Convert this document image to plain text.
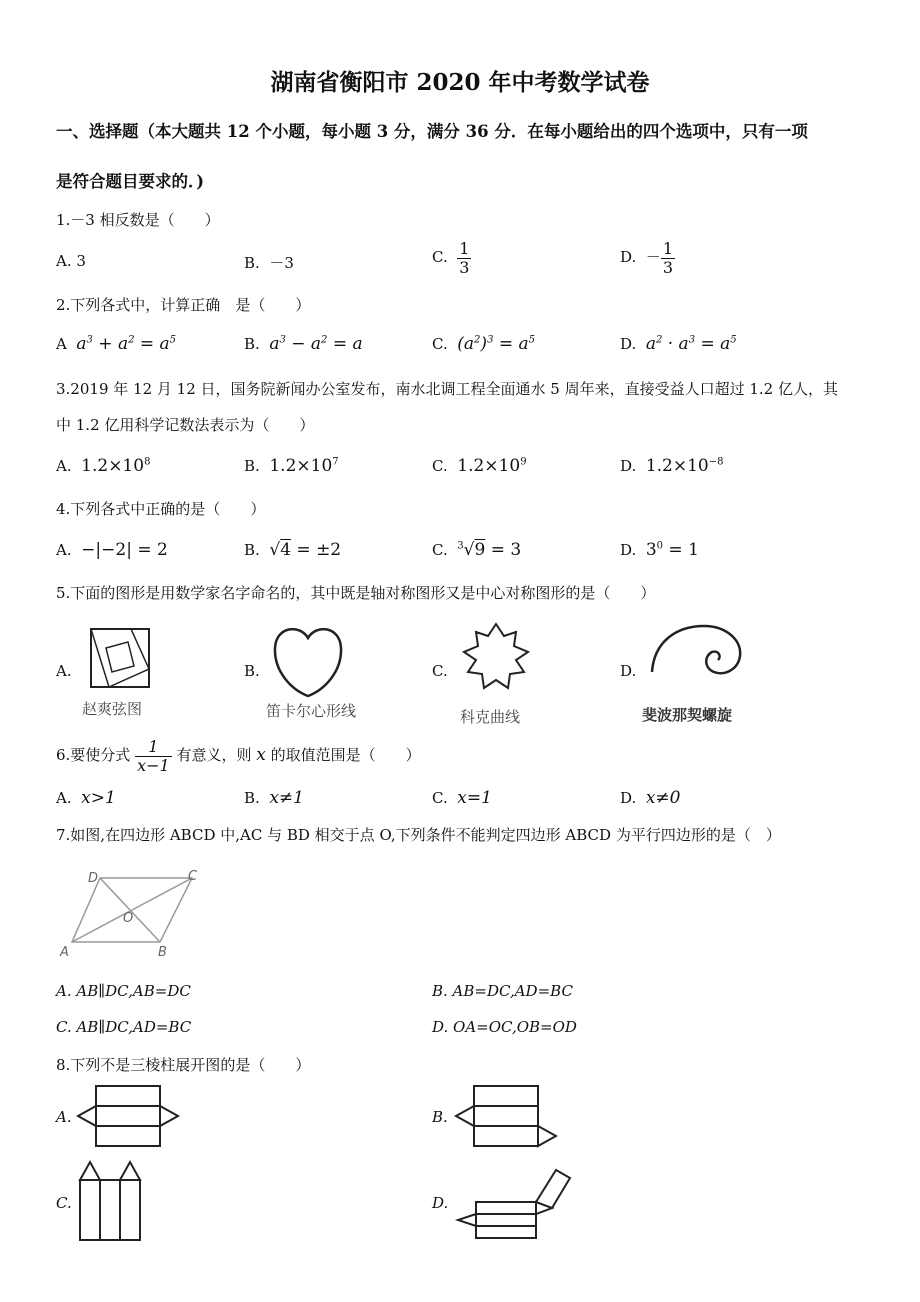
湖南省衡阳市 2020 年中考数学试卷
一、选择题（本大题共 12 个小题，每小题 3 分，满分 36 分．在每小题给出的四个选项中，只有一项
是符合题目要求的．)
1.－3 相反数是（　　）
A. 3	B. －3	C. $\frac{1}{3}$	D. － $\frac{1}{3}$
2.下列各式中，计算正确　是（　　）
A $a^3 + a^2 = a^5$	B. $a^3 - a^2 = a$	C. $(a^2)^3 = a^5$	D. $a^2 \cdot a^3 = a^5$
3.2019 年 12 月 12 日，国务院新闻办公室发布，南水北调工程全面通水 5 周年来，直接受益人口超过 1.2 亿人，其
中 1.2 亿用科学记数法表示为（　　）
A. $1.2\times 10^8$	B. $1.2\times 10^7$	C. $1.2\times 10^9$	D. $1.2\times 10^{-8}$
4.下列各式中正确的是（　　）
A. −|−2| = 2	B. √4 = ±2	C. $^3$√9 = 3	D. $3^0 = 1$
5.下面的图形是用数学家名字命名的，其中既是轴对称图形又是中心对称图形的是（　　）
A.	B.	C.	D.
赵爽弦图	笛卡尔心形线	科克曲线	斐波那契螺旋
6.要使分式 $\frac{1}{x-1}$ 有意义，则 x 的取值范围是（　　）
A. x>1	B. x≠1	C. x=1	D. x≠0
7.如图,在四边形 ABCD 中,AC 与 BD 相交于点 O,下列条件不能判定四边形 ABCD 为平行四边形的是（　）
A	B
C
D
O
A. AB∥DC,AB=DC	B. AB=DC,AD=BC
C. AB∥DC,AD=BC	D. OA=OC,OB=OD
8.下列不是三棱柱展开图的是（　　）
A.	B.
C.	D.
